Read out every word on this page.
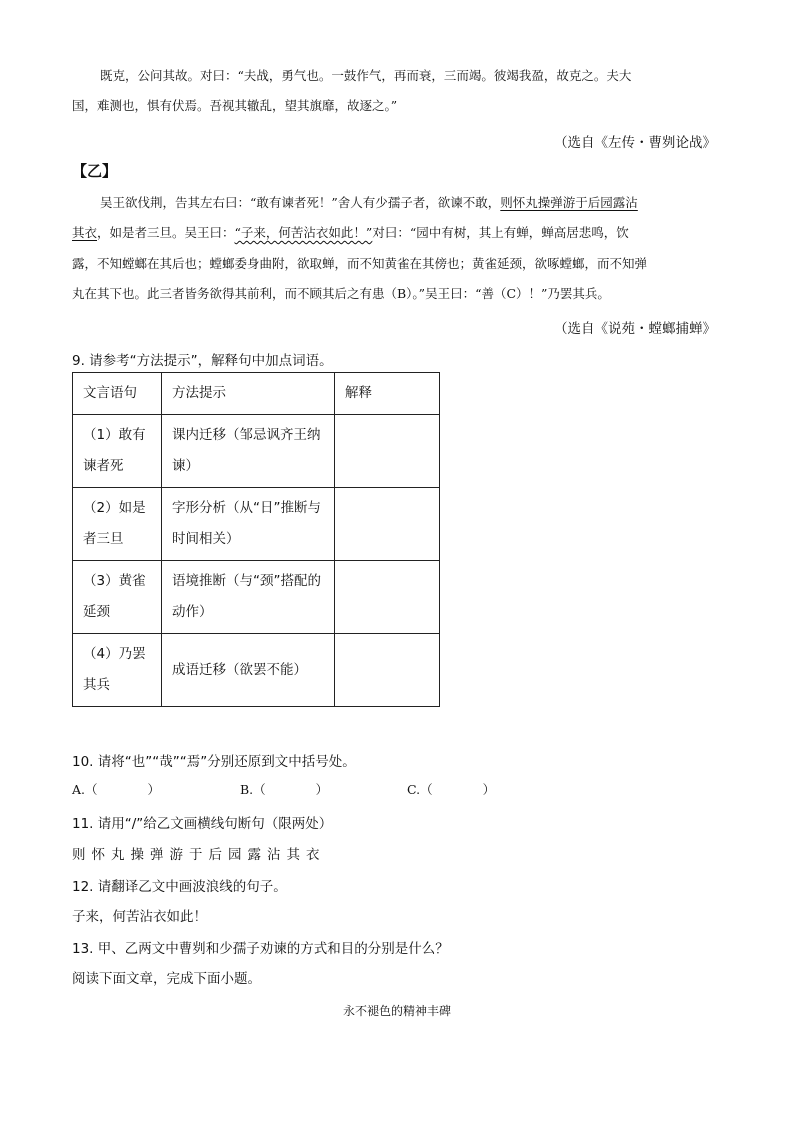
既克，公问其故。对曰：“夫战，勇气也。一鼓作气，再而衰，三而竭。彼竭我盈，故克之。夫大
国，难测也，惧有伏焉。吾视其辙乱，望其旗靡，故逐之。”
（选自《左传・曹刿论战》
【乙】
吴王欲伐荆，告其左右曰：“敢有谏者死！”舍人有少孺子者，欲谏不敢，则怀丸操弹游于后园露沾
其衣，如是者三旦。吴王曰：“子来，何苦沾衣如此！”对曰：“园中有树，其上有蝉，蝉高居悲鸣，饮
露，不知螳螂在其后也；螳螂委身曲附，欲取蝉，而不知黄雀在其傍也；黄雀延颈，欲啄螳螂，而不知弹
丸在其下也。此三者皆务欲得其前利，而不顾其后之有患（B）。”吴王曰：“善（C）！”乃罢其兵。
（选自《说苑・螳螂捕蝉》
9. 请参考“方法提示”，解释句中加点词语。
文言语句	方法提示	解释
（1）敢有谏者死	课内迁移（邹忌讽齐王纳谏）	
（2）如是者三旦	字形分析（从“日”推断与时间相关）	
（3）黄雀延颈	语境推断（与“颈”搭配的动作）	
（4）乃罢其兵	成语迁移（欲罢不能）	
10. 请将“也”“哉”“焉”分别还原到文中括号处。
A.（　　　　）	B.（　　　　）	C.（　　　　）
11. 请用“/”给乙文画横线句断句（限两处）
则怀丸操弹游于后园露沾其衣
12. 请翻译乙文中画波浪线的句子。
子来，何苦沾衣如此！
13. 甲、乙两文中曹刿和少孺子劝谏的方式和目的分别是什么？
阅读下面文章，完成下面小题。
永不褪色的精神丰碑
